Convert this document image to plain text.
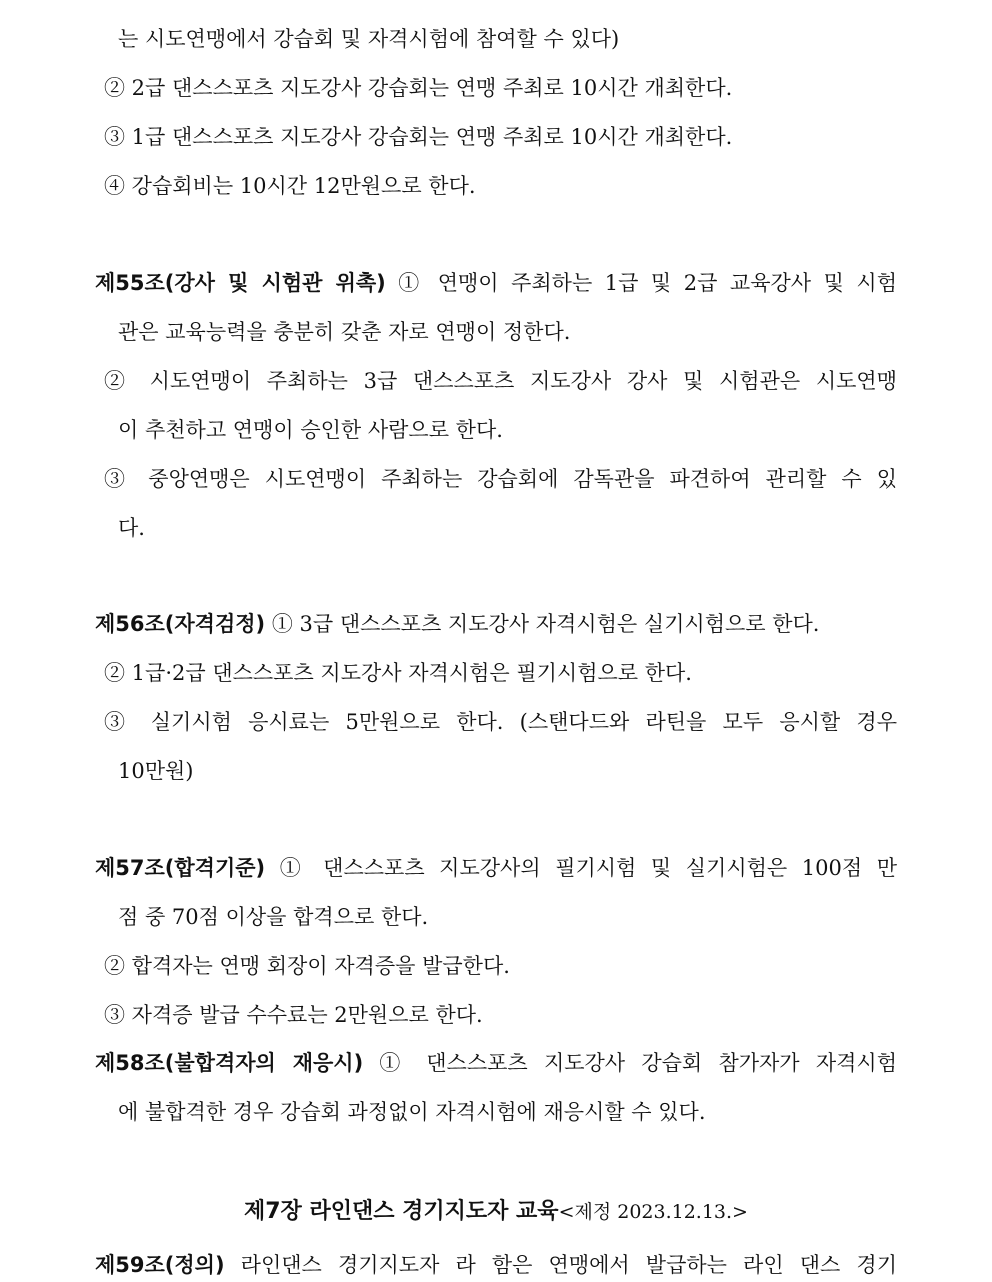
는 시도연맹에서 강습회 및 자격시험에 참여할 수 있다)
② 2급 댄스스포츠 지도강사 강습회는 연맹 주최로 10시간 개최한다.
③ 1급 댄스스포츠 지도강사 강습회는 연맹 주최로 10시간 개최한다.
④ 강습회비는 10시간 12만원으로 한다.
제55조(강사 및 시험관 위촉) ① 연맹이 주최하는 1급 및 2급 교육강사 및 시험
관은 교육능력을 충분히 갖춘 자로 연맹이 정한다.
② 시도연맹이 주최하는 3급 댄스스포츠 지도강사 강사 및 시험관은 시도연맹
이 추천하고 연맹이 승인한 사람으로 한다.
③ 중앙연맹은 시도연맹이 주최하는 강습회에 감독관을 파견하여 관리할 수 있
다.
제56조(자격검정) ① 3급 댄스스포츠 지도강사 자격시험은 실기시험으로 한다.
② 1급·2급 댄스스포츠 지도강사 자격시험은 필기시험으로 한다.
③ 실기시험 응시료는 5만원으로 한다. (스탠다드와 라틴을 모두 응시할 경우
10만원)
제57조(합격기준) ① 댄스스포츠 지도강사의 필기시험 및 실기시험은 100점 만
점 중 70점 이상을 합격으로 한다.
② 합격자는 연맹 회장이 자격증을 발급한다.
③ 자격증 발급 수수료는 2만원으로 한다.
제58조(불합격자의 재응시) ① 댄스스포츠 지도강사 강습회 참가자가 자격시험
에 불합격한 경우 강습회 과정없이 자격시험에 재응시할 수 있다.
제7장 라인댄스 경기지도자 교육<제정 2023.12.13.>
제59조(정의) 라인댄스 경기지도자 라 함은 연맹에서 발급하는 라인 댄스 경기
